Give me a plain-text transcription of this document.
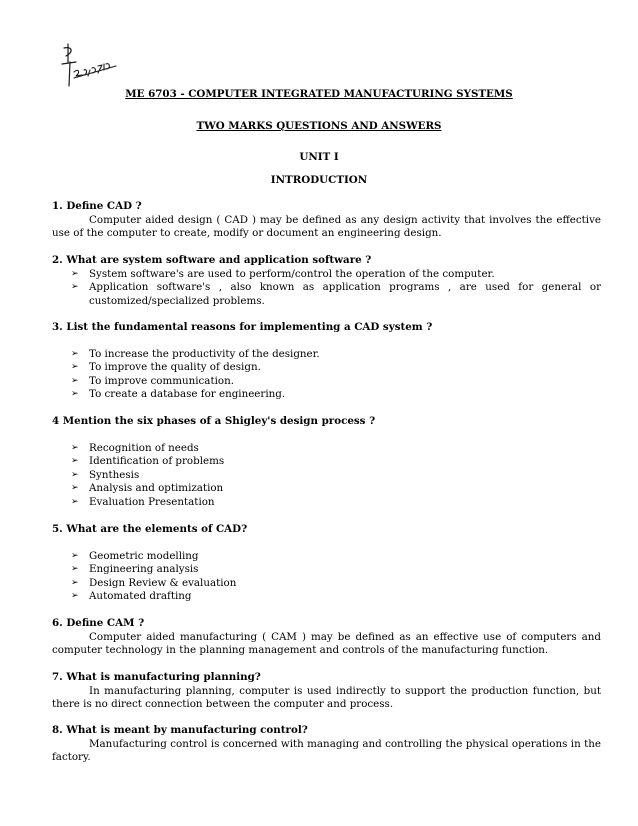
ME 6703 - COMPUTER INTEGRATED MANUFACTURING SYSTEMS
TWO MARKS QUESTIONS AND ANSWERS
UNIT I
INTRODUCTION
1. Define CAD ?
Computer aided design ( CAD ) may be defined as any design activity that involves the effective use of the computer to create, modify or document an engineering design.
2. What are system software and application software ?
➢ System software's are used to perform/control the operation of the computer.
➢ Application software's , also known as application programs , are used for general or
customized/specialized problems.
3. List the fundamental reasons for implementing a CAD system ?
➢ To increase the productivity of the designer.
➢ To improve the quality of design.
➢ To improve communication.
➢ To create a database for engineering.
4 Mention the six phases of a Shigley's design process ?
➢ Recognition of needs
➢ Identification of problems
➢ Synthesis
➢ Analysis and optimization
➢ Evaluation Presentation
5. What are the elements of CAD?
➢ Geometric modelling
➢ Engineering analysis
➢ Design Review & evaluation
➢ Automated drafting
6. Define CAM ?
Computer aided manufacturing ( CAM ) may be defined as an effective use of computers and computer technology in the planning management and controls of the manufacturing function.
7. What is manufacturing planning?
In manufacturing planning, computer is used indirectly to support the production function, but there is no direct connection between the computer and process.
8. What is meant by manufacturing control?
Manufacturing control is concerned with managing and controlling the physical operations in the factory.
